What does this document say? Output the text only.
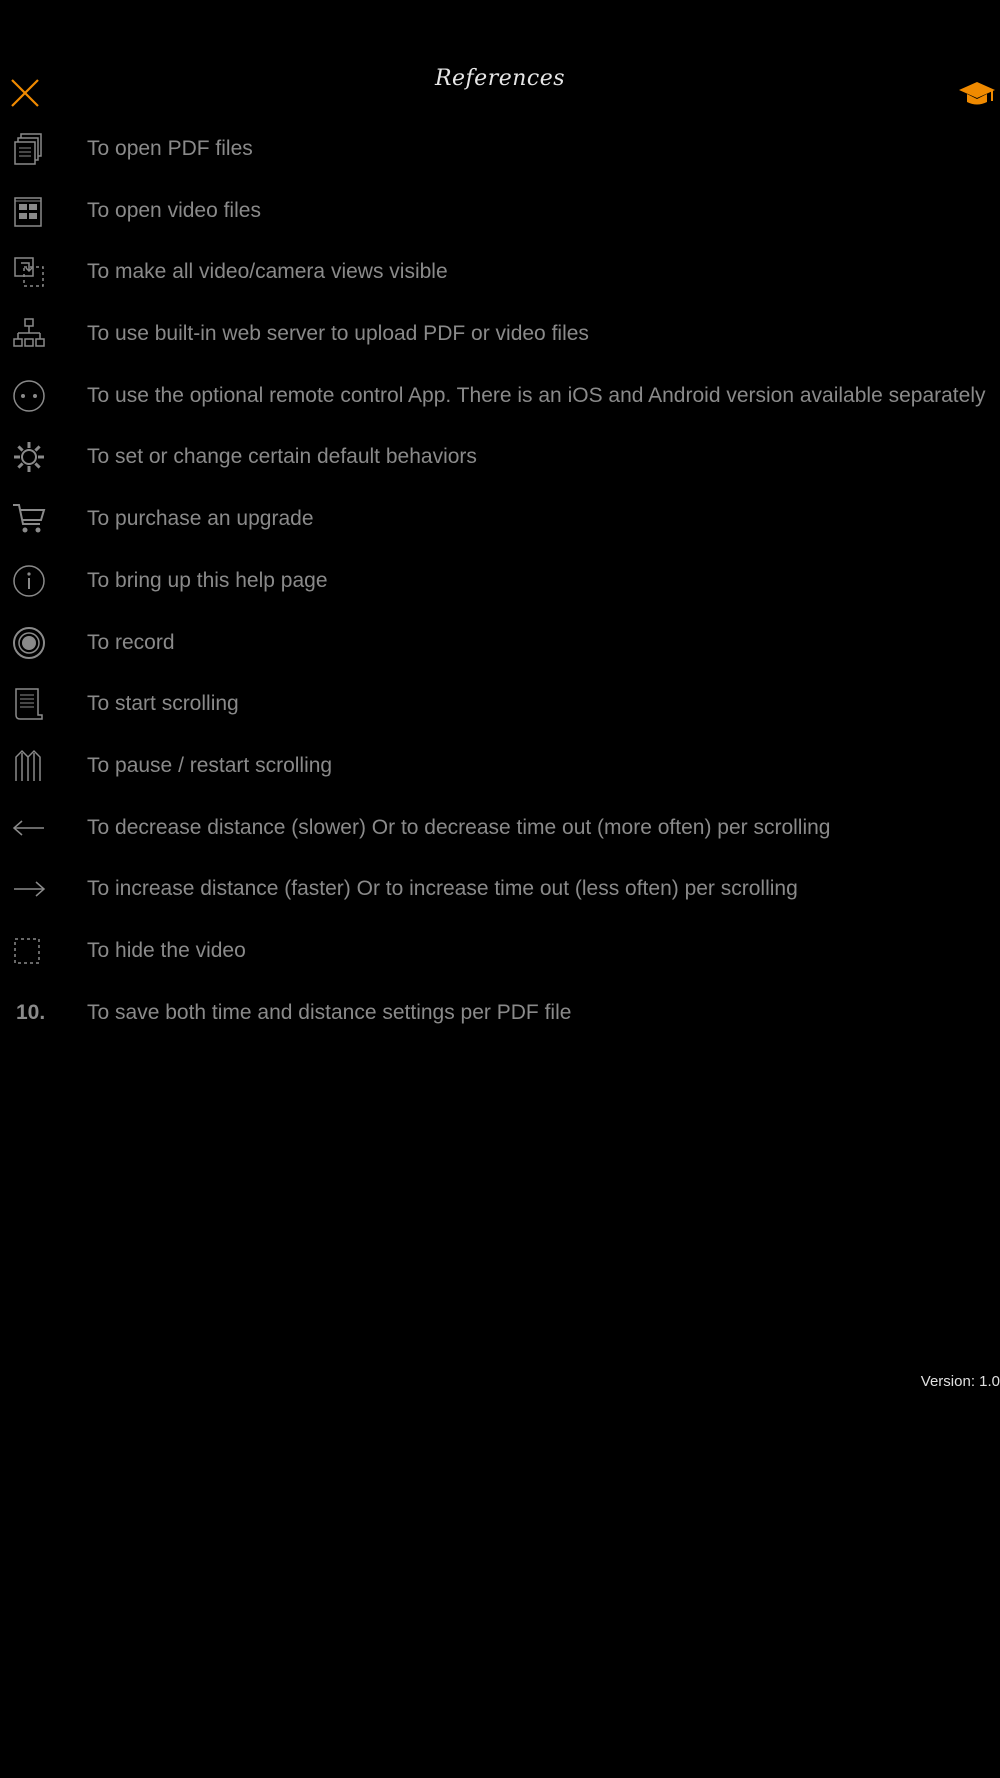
References
To open PDF files
To open video files
To make all video/camera views visible
To use built-in web server to upload PDF or video files
To use the optional remote control App. There is an iOS and Android version available separately
To set or change certain default behaviors
To purchase an upgrade
To bring up this help page
To record
To start scrolling
To pause / restart scrolling
To decrease distance (slower) Or to decrease time out (more often) per scrolling
To increase distance (faster) Or to increase time out (less often) per scrolling
To hide the video
10. To save both time and distance settings per PDF file
Version: 1.0
